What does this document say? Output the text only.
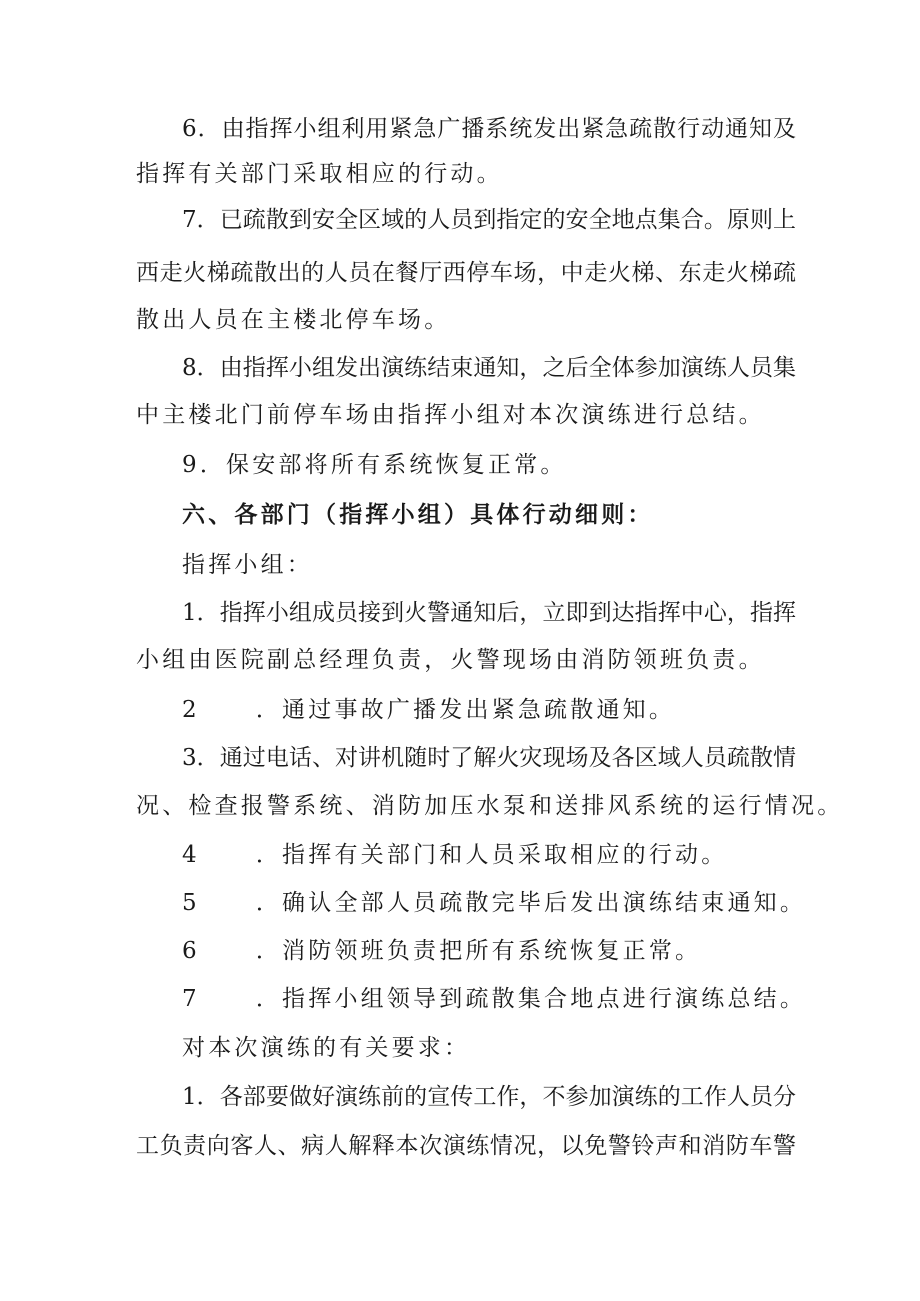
6．由指挥小组利用紧急广播系统发出紧急疏散行动通知及
指挥有关部门采取相应的行动。
7．已疏散到安全区域的人员到指定的安全地点集合。原则上
西走火梯疏散出的人员在餐厅西停车场，中走火梯、东走火梯疏
散出人员在主楼北停车场。
8．由指挥小组发出演练结束通知，之后全体参加演练人员集
中主楼北门前停车场由指挥小组对本次演练进行总结。
9．保安部将所有系统恢复正常。
六、各部门（指挥小组）具体行动细则：
指挥小组：
1．指挥小组成员接到火警通知后，立即到达指挥中心，指挥
小组由医院副总经理负责，火警现场由消防领班负责。
2 ．通过事故广播发出紧急疏散通知。
3．通过电话、对讲机随时了解火灾现场及各区域人员疏散情
况、检查报警系统、消防加压水泵和送排风系统的运行情况。
4 ．指挥有关部门和人员采取相应的行动。
5 ．确认全部人员疏散完毕后发出演练结束通知。
6 ．消防领班负责把所有系统恢复正常。
7 ．指挥小组领导到疏散集合地点进行演练总结。
对本次演练的有关要求：
1．各部要做好演练前的宣传工作，不参加演练的工作人员分
工负责向客人、病人解释本次演练情况，以免警铃声和消防车警
